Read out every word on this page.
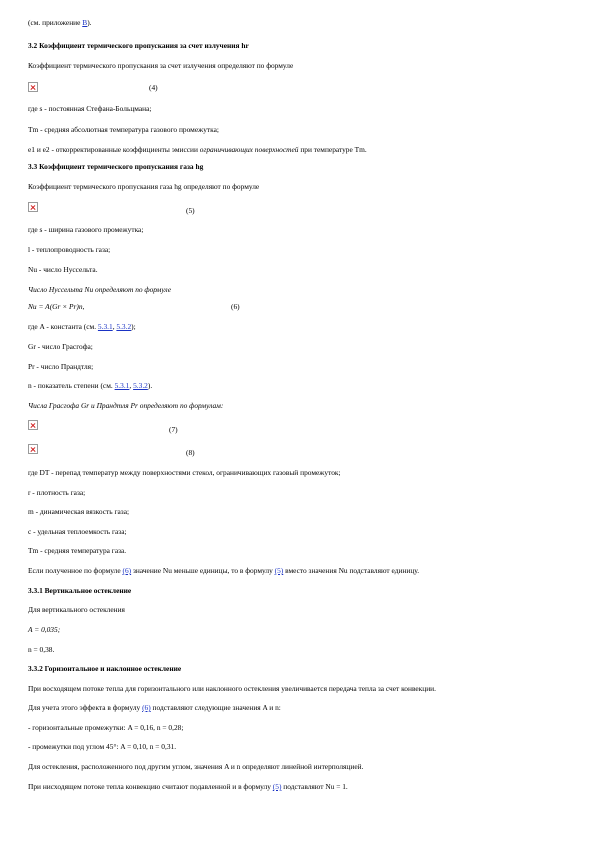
(см. приложение В).
3.2 Коэффициент термического пропускания за счет излучения hr
Коэффициент термического пропускания за счет излучения определяют по формуле
(4)
где s - постоянная Стефана-Больцмана;
Tm - средняя абсолютная температура газового промежутка;
e1 и e2 - откорректированные коэффициенты эмиссии ограничивающих поверхностей при температуре Tm.
3.3 Коэффициент термического пропускания газа hg
Коэффициент термического пропускания газа hg определяют по формуле
(5)
где s - ширина газового промежутка;
l - теплопроводность газа;
Nu - число Нуссельта.
Число Нуссельта Nu определяют по формуле
Nu = A(Gr × Pr)n,	(6)
где A - константа (см. 5.3.1, 5.3.2);
Gr - число Грасгофа;
Pr - число Прандтля;
n - показатель степени (см. 5.3.1, 5.3.2).
Числа Грасгофа Gr и Прандтля Pr определяют по формулам:
(7)
(8)
где DT - перепад температур между поверхностями стекол, ограничивающих газовый промежуток;
r - плотность газа;
m - динамическая вязкость газа;
c - удельная теплоемкость газа;
Tm - средняя температура газа.
Если полученное по формуле (6) значение Nu меньше единицы, то в формулу (5) вместо значения Nu подставляют единицу.
3.3.1 Вертикальное остекление
Для вертикального остекления
A = 0,035;
n = 0,38.
3.3.2 Горизонтальное и наклонное остекление
При восходящем потоке тепла для горизонтального или наклонного остекления увеличивается передача тепла за счет конвекции.
Для учета этого эффекта в формулу (6) подставляют следующие значения A и n:
- горизонтальные промежутки: A = 0,16, n = 0,28;
- промежутки под углом 45°: A = 0,10, n = 0,31.
Для остекления, расположенного под другим углом, значения A и n определяют линейной интерполяцией.
При нисходящем потоке тепла конвекцию считают подавленной и в формулу (5) подставляют Nu = 1.
